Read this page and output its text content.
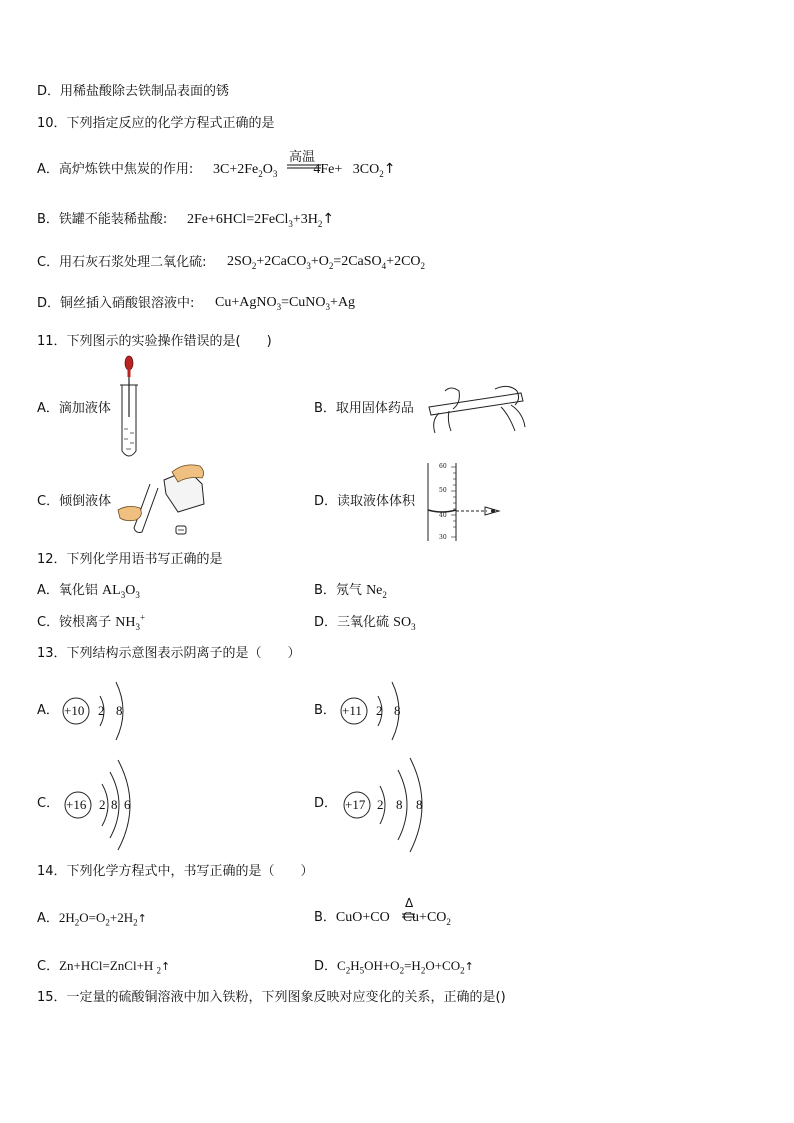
D．用稀盐酸除去铁制品表面的锈
10．下列指定反应的化学方程式正确的是
A．高炉炼铁中焦炭的作用: $3C+2Fe_2O_3$	$4Fe+ 3CO_2↑$
高温
B．铁罐不能装稀盐酸: $2Fe+6HCl=2FeCl_3+3H_2↑$
C．用石灰石浆处理二氧化硫: $2SO_2+2CaCO_3+O_2=2CaSO_4+2CO_2$
D．铜丝插入硝酸银溶液中: Cu+AgNO$_3$=CuNO$_3$+Ag
11．下列图示的实验操作错误的是(　　)
A．滴加液体	B．取用固体药品
C．倾倒液体	D．读取液体体积
60
50
40
30
12．下列化学用语书写正确的是
A．氧化铝 $AL_3O_3$	B．氖气 $Ne_2$
C．铵根离子 $NH_3^+$	D．三氧化硫 $SO_3$
13．下列结构示意图表示阴离子的是（　　）
A． +10 2 8	B． +11 2 8
C． +16 2 8 6	D． +17 2 8 8
14．下列化学方程式中，书写正确的是（　　）
A．$2H_2O=O_2+2H_2↑$	B．CuO+CO $Cu+CO_2$
Δ
C．Zn+HCl=ZnCl+H $_2$↑	D．$C_2H_5OH+O_2=H_2O+CO_2↑$
15．一定量的硫酸铜溶液中加入铁粉，下列图象反映对应变化的关系，正确的是()
